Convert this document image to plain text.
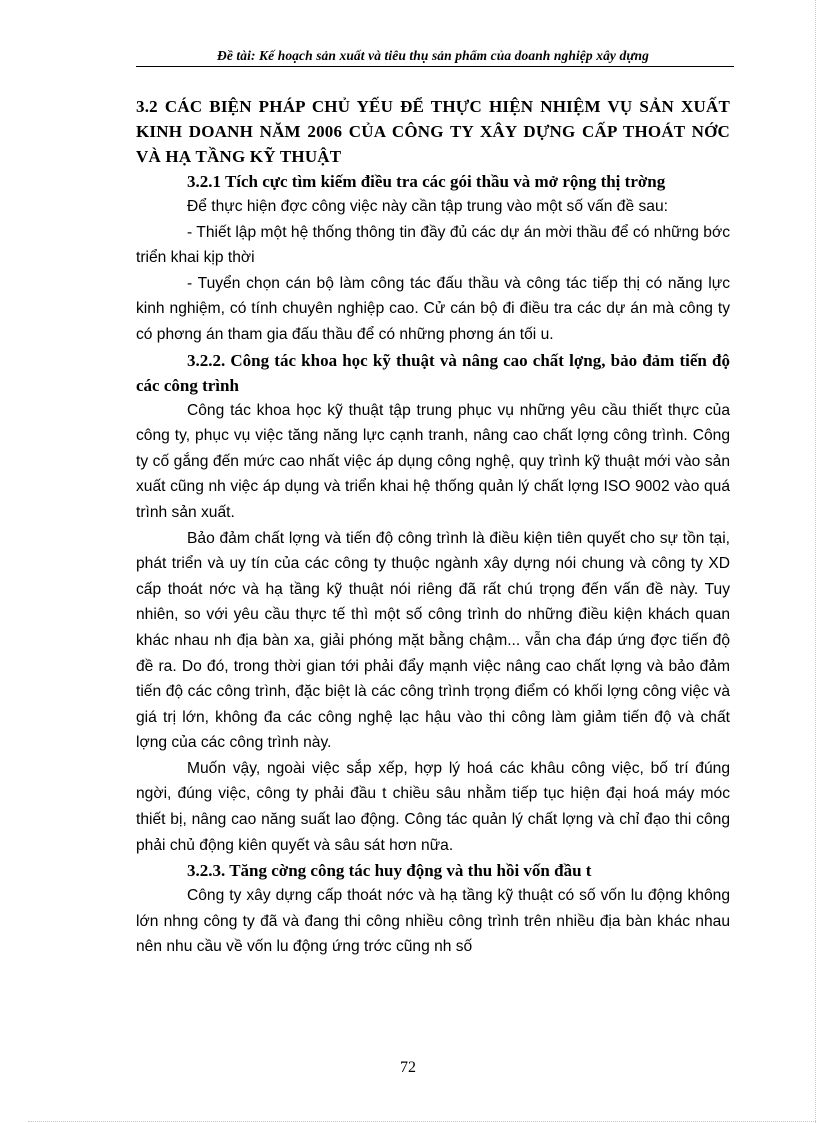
Đề tài: Kế hoạch sản xuất và tiêu thụ sản phẩm của doanh nghiệp xây dựng

3.2 CÁC BIỆN PHÁP CHỦ YẾU ĐỂ THỰC HIỆN NHIỆM VỤ SẢN XUẤT KINH DOANH NĂM 2006 CỦA CÔNG TY XÂY DỰNG CẤP THOÁT NỚC VÀ HẠ TẦNG KỸ THUẬT

3.2.1 Tích cực tìm kiếm điều tra các gói thầu và mở rộng thị trờng

Để thực hiện đợc công việc này cần tập trung vào một số vấn đề sau:

- Thiết lập một hệ thống thông tin đầy đủ các dự án mời thầu để có những bớc triển khai kịp thời

- Tuyển chọn cán bộ làm công tác đấu thầu và công tác tiếp thị có năng lực kinh nghiệm, có tính chuyên nghiệp cao. Cử cán bộ đi điều tra các dự án mà công ty có phơng án tham gia đấu thầu để có những phơng án tối u.

3.2.2. Công tác khoa học kỹ thuật và nâng cao chất lợng, bảo đảm tiến độ các công trình

Công tác khoa học kỹ thuật tập trung phục vụ những yêu cầu thiết thực của công ty, phục vụ việc tăng năng lực cạnh tranh, nâng cao chất lợng công trình. Công ty cố gắng đến mức cao nhất việc áp dụng công nghệ, quy trình kỹ thuật mới vào sản xuất cũng nh việc áp dụng và triển khai hệ thống quản lý chất lợng ISO 9002 vào quá trình sản xuất.

Bảo đảm chất lợng và tiến độ công trình là điều kiện tiên quyết cho sự tồn tại, phát triển và uy tín của các công ty thuộc ngành xây dựng nói chung và công ty XD cấp thoát nớc và hạ tầng kỹ thuật nói riêng đã rất chú trọng đến vấn đề này. Tuy nhiên, so với yêu cầu thực tế thì một số công trình do những điều kiện khách quan khác nhau nh địa bàn xa, giải phóng mặt bằng chậm... vẫn cha đáp ứng đợc tiến độ đề ra. Do đó, trong thời gian tới phải đẩy mạnh việc nâng cao chất lợng và bảo đảm tiến độ các công trình, đặc biệt là các công trình trọng điểm có khối lợng công việc và giá trị lớn, không đa các công nghệ lạc hậu vào thi công làm giảm tiến độ và chất lợng của các công trình này.

Muốn vậy, ngoài việc sắp xếp, hợp lý hoá các khâu công việc, bố trí đúng ngời, đúng việc, công ty phải đầu t chiều sâu nhằm tiếp tục hiện đại hoá máy móc thiết bị, nâng cao năng suất lao động. Công tác quản lý chất lợng và chỉ đạo thi công phải chủ động kiên quyết và sâu sát hơn nữa.

3.2.3. Tăng cờng công tác huy động và thu hồi vốn đầu t

Công ty xây dựng cấp thoát nớc và hạ tầng kỹ thuật có số vốn lu động không lớn nhng công ty đã và đang thi công nhiều công trình trên nhiều địa bàn khác nhau nên nhu cầu về vốn lu động ứng trớc cũng nh số

72
